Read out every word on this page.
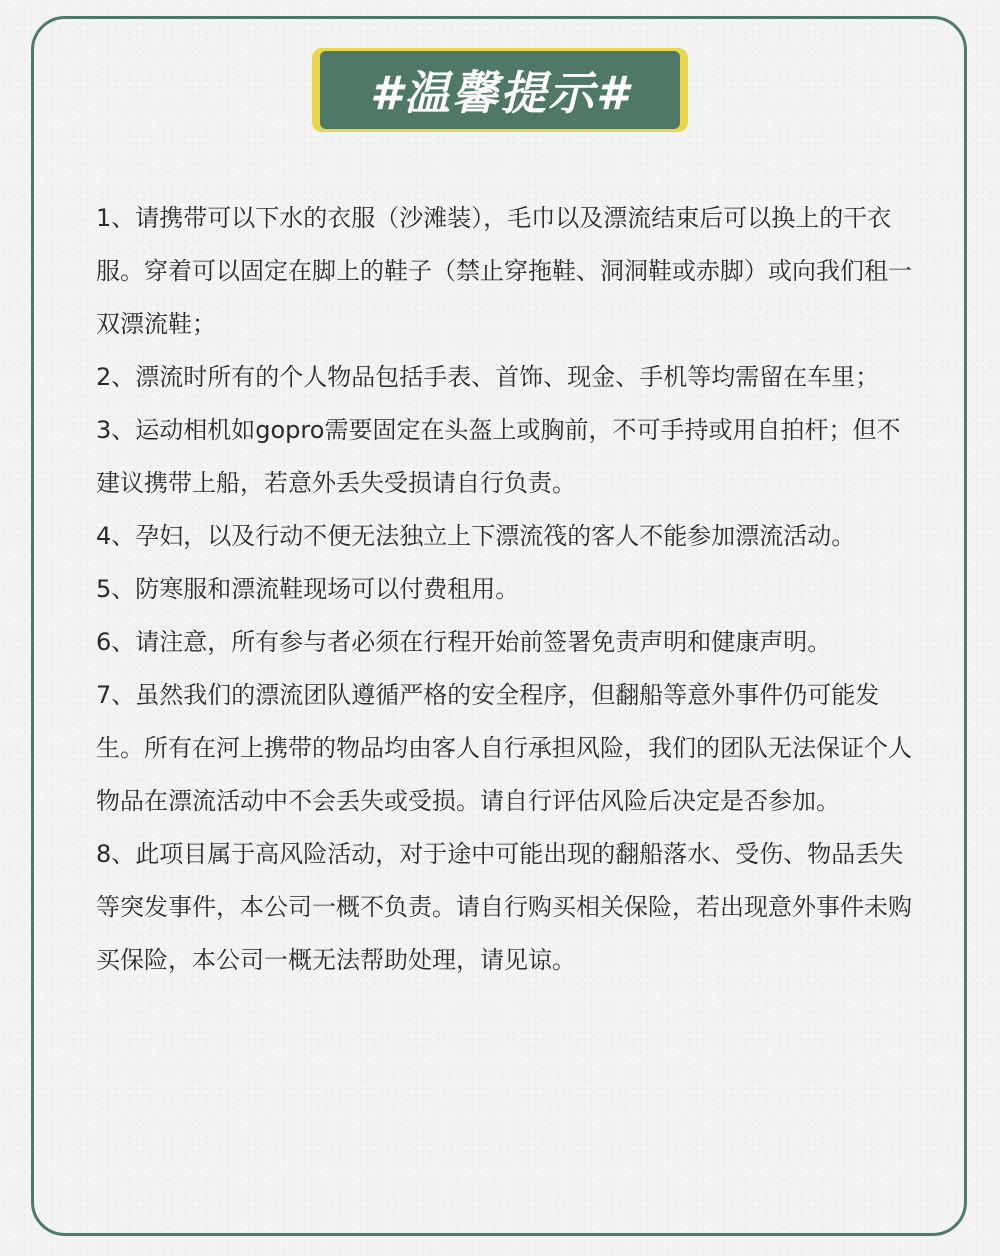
#温馨提示#
1、请携带可以下水的衣服（沙滩装），毛巾以及漂流结束后可以换上的干衣服。穿着可以固定在脚上的鞋子（禁止穿拖鞋、洞洞鞋或赤脚）或向我们租一双漂流鞋；
2、漂流时所有的个人物品包括手表、首饰、现金、手机等均需留在车里；
3、运动相机如gopro需要固定在头盔上或胸前，不可手持或用自拍杆；但不建议携带上船，若意外丢失受损请自行负责。
4、孕妇，以及行动不便无法独立上下漂流筏的客人不能参加漂流活动。
5、防寒服和漂流鞋现场可以付费租用。
6、请注意，所有参与者必须在行程开始前签署免责声明和健康声明。
7、虽然我们的漂流团队遵循严格的安全程序，但翻船等意外事件仍可能发生。所有在河上携带的物品均由客人自行承担风险，我们的团队无法保证个人物品在漂流活动中不会丢失或受损。请自行评估风险后决定是否参加。
8、此项目属于高风险活动，对于途中可能出现的翻船落水、受伤、物品丢失等突发事件，本公司一概不负责。请自行购买相关保险，若出现意外事件未购买保险，本公司一概无法帮助处理，请见谅。
